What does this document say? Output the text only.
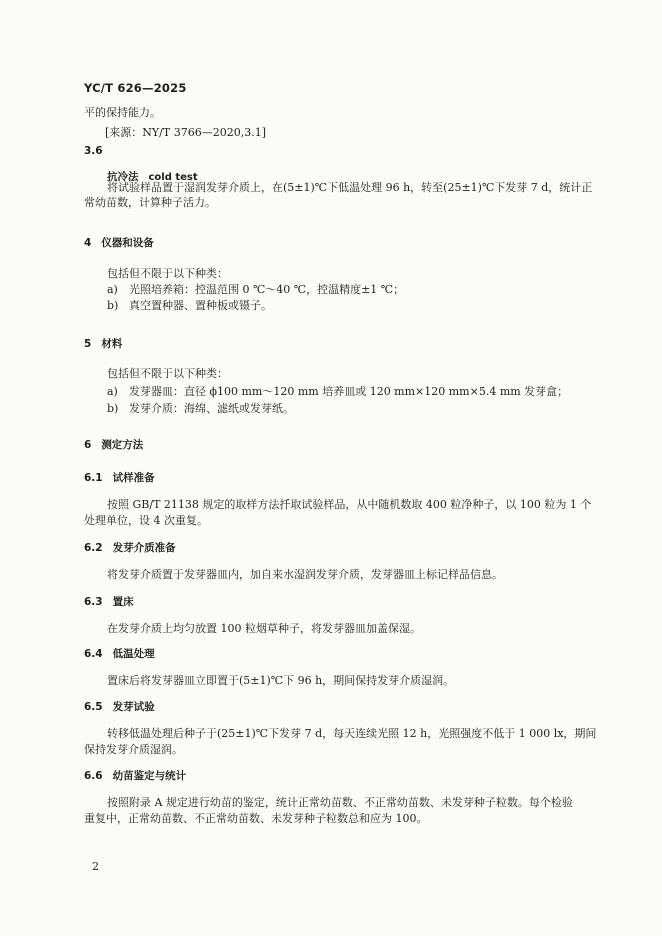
YC/T 626—2025
平的保持能力。
[来源：NY/T 3766—2020,3.1]
3.6
抗冷法 cold test
将试验样品置于湿润发芽介质上，在(5±1)℃下低温处理 96 h，转至(25±1)℃下发芽 7 d，统计正
常幼苗数，计算种子活力。
4 仪器和设备
包括但不限于以下种类：
a) 光照培养箱：控温范围 0 ℃～40 ℃，控温精度±1 ℃；
b) 真空置种器、置种板或镊子。
5 材料
包括但不限于以下种类：
a) 发芽器皿：直径 ϕ100 mm～120 mm 培养皿或 120 mm×120 mm×5.4 mm 发芽盒；
b) 发芽介质：海绵、滤纸或发芽纸。
6 测定方法
6.1 试样准备
按照 GB/T 21138 规定的取样方法扦取试验样品，从中随机数取 400 粒净种子，以 100 粒为 1 个
处理单位，设 4 次重复。
6.2 发芽介质准备
将发芽介质置于发芽器皿内，加自来水湿润发芽介质，发芽器皿上标记样品信息。
6.3 置床
在发芽介质上均匀放置 100 粒烟草种子，将发芽器皿加盖保湿。
6.4 低温处理
置床后将发芽器皿立即置于(5±1)℃下 96 h，期间保持发芽介质湿润。
6.5 发芽试验
转移低温处理后种子于(25±1)℃下发芽 7 d，每天连续光照 12 h，光照强度不低于 1 000 lx，期间
保持发芽介质湿润。
6.6 幼苗鉴定与统计
按照附录 A 规定进行幼苗的鉴定，统计正常幼苗数、不正常幼苗数、未发芽种子粒数。每个检验
重复中，正常幼苗数、不正常幼苗数、未发芽种子粒数总和应为 100。
2
